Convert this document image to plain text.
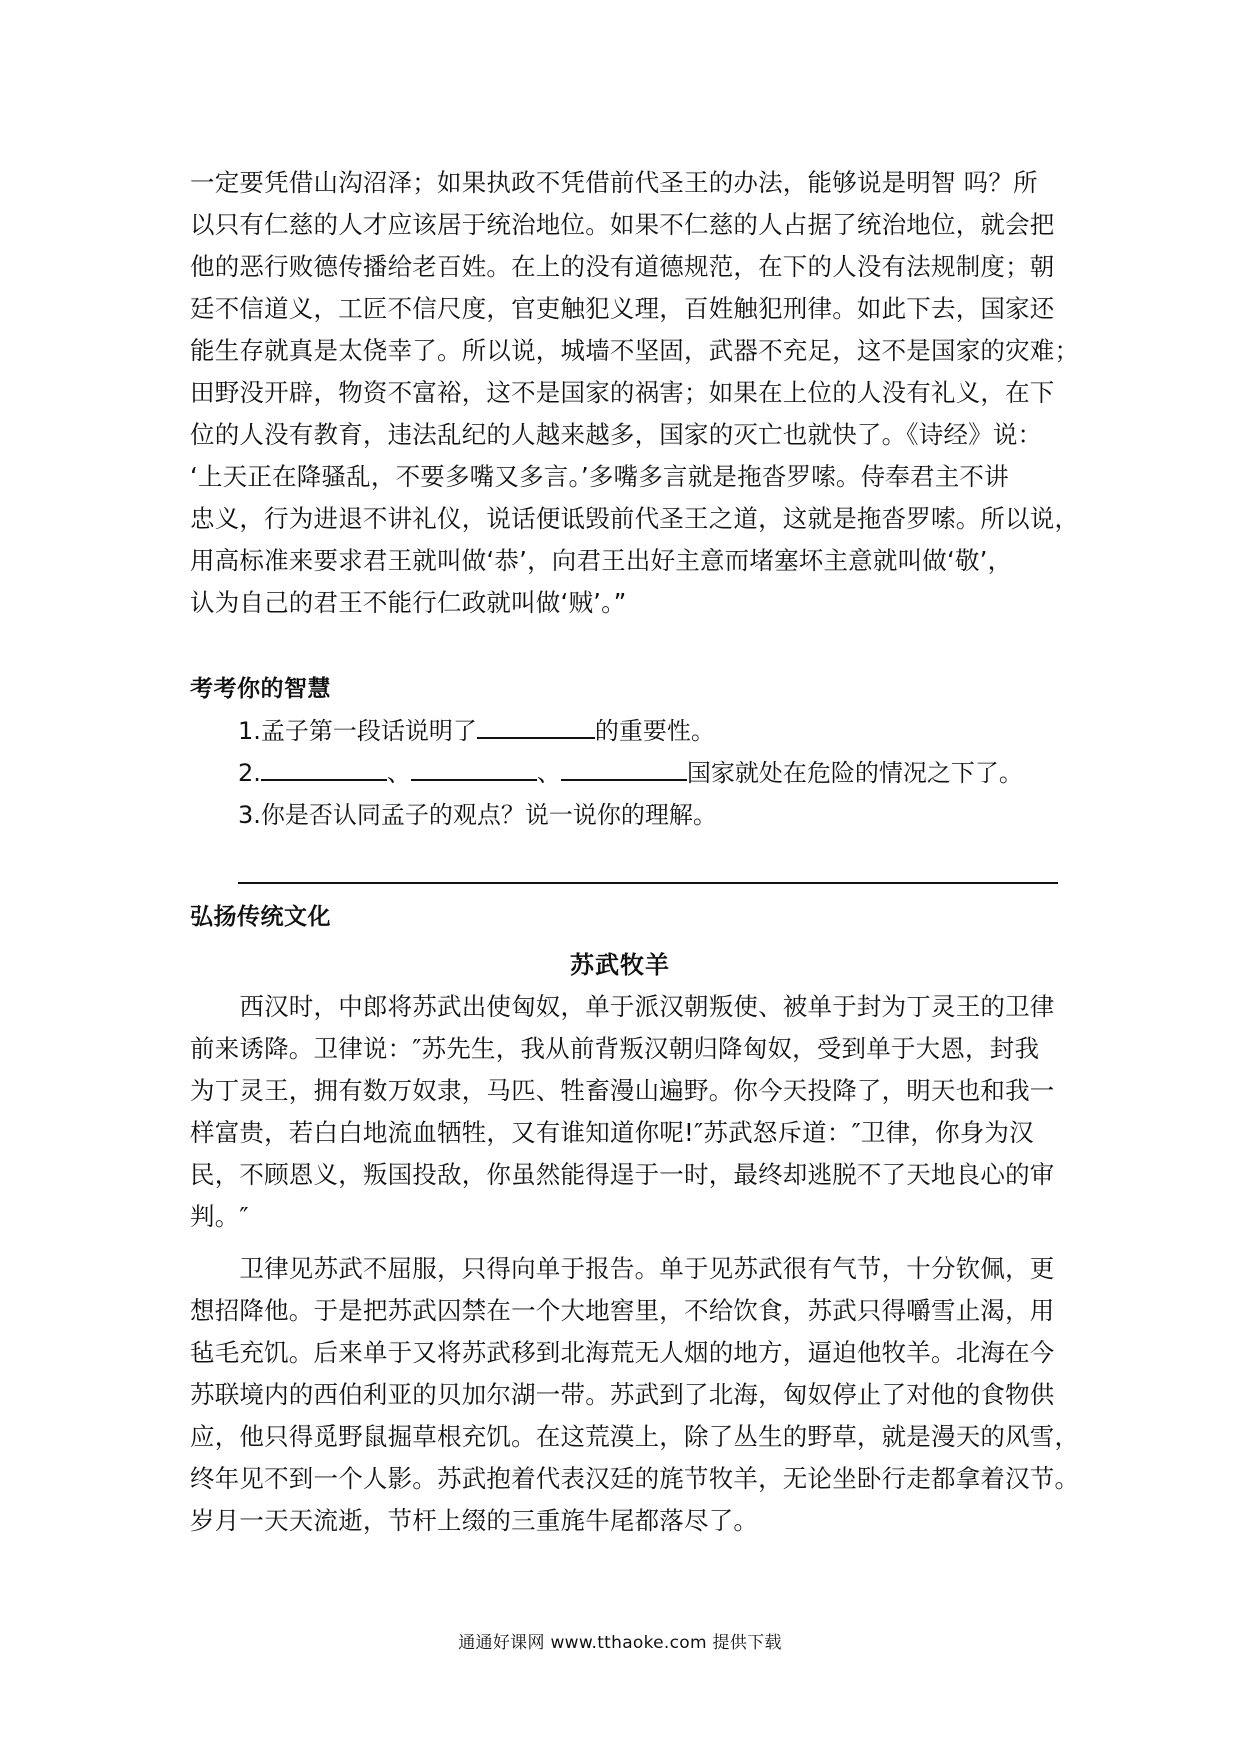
一定要凭借山沟沼泽；如果执政不凭借前代圣王的办法，能够说是明智 吗？所
以只有仁慈的人才应该居于统治地位。如果不仁慈的人占据了统治地位，就会把
他的恶行败德传播给老百姓。在上的没有道德规范，在下的人没有法规制度；朝
廷不信道义，工匠不信尺度，官吏触犯义理，百姓触犯刑律。如此下去，国家还
能生存就真是太侥幸了。所以说，城墙不坚固，武器不充足，这不是国家的灾难；
田野没开辟，物资不富裕，这不是国家的祸害；如果在上位的人没有礼义，在下
位的人没有教育，违法乱纪的人越来越多，国家的灭亡也就快了。《诗经》说：
‘上天正在降骚乱，不要多嘴又多言。’多嘴多言就是拖沓罗嗦。侍奉君主不讲
忠义，行为进退不讲礼仪，说话便诋毁前代圣王之道，这就是拖沓罗嗦。所以说，
用高标准来要求君王就叫做‘恭’，向君王出好主意而堵塞坏主意就叫做‘敬’，
认为自己的君王不能行仁政就叫做‘贼’。”
考考你的智慧
1.孟子第一段话说明了	的重要性。
2.	、	、	国家就处在危险的情况之下了。
3.你是否认同孟子的观点？说一说你的理解。
弘扬传统文化
苏武牧羊
　　西汉时，中郎将苏武出使匈奴，单于派汉朝叛使、被单于封为丁灵王的卫律
前来诱降。卫律说：″苏先生，我从前背叛汉朝归降匈奴，受到单于大恩，封我
为丁灵王，拥有数万奴隶，马匹、牲畜漫山遍野。你今天投降了，明天也和我一
样富贵，若白白地流血牺牲，又有谁知道你呢!″苏武怒斥道：″卫律，你身为汉
民，不顾恩义，叛国投敌，你虽然能得逞于一时，最终却逃脱不了天地良心的审
判。″
　　卫律见苏武不屈服，只得向单于报告。单于见苏武很有气节，十分钦佩，更
想招降他。于是把苏武囚禁在一个大地窖里，不给饮食，苏武只得嚼雪止渴，用
毡毛充饥。后来单于又将苏武移到北海荒无人烟的地方，逼迫他牧羊。北海在今
苏联境内的西伯利亚的贝加尔湖一带。苏武到了北海，匈奴停止了对他的食物供
应，他只得觅野鼠掘草根充饥。在这荒漠上，除了丛生的野草，就是漫天的风雪，
终年见不到一个人影。苏武抱着代表汉廷的旄节牧羊，无论坐卧行走都拿着汉节。
岁月一天天流逝，节杆上缀的三重旄牛尾都落尽了。
通通好课网 www.tthaoke.com 提供下载
